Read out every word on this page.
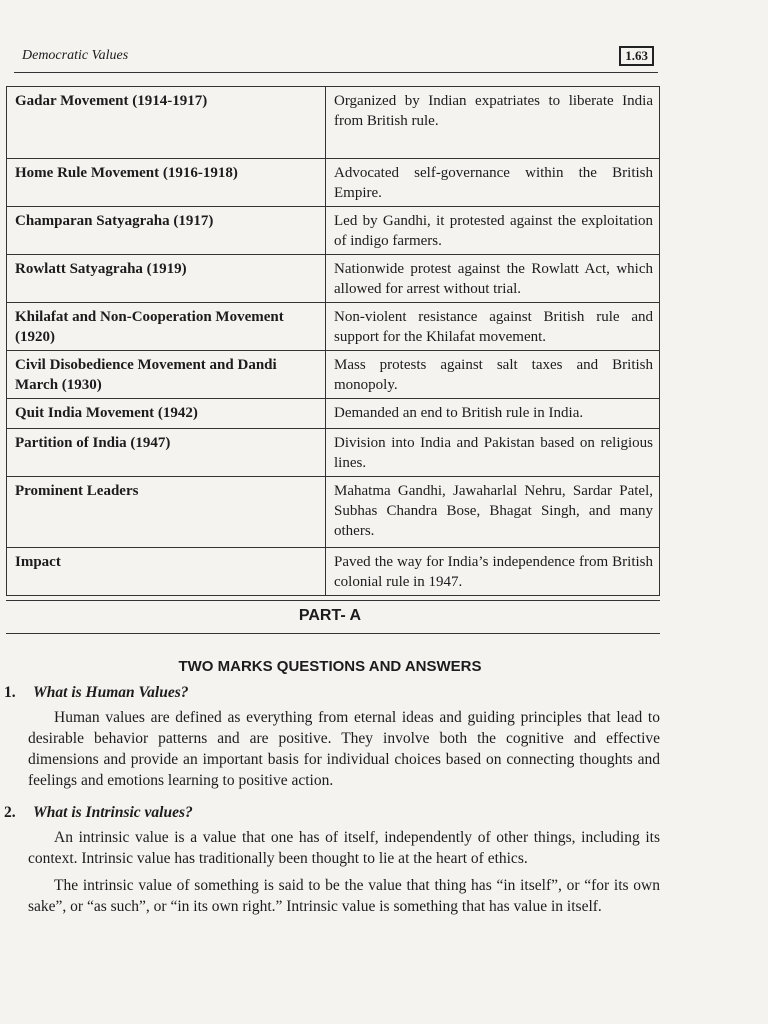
Democratic Values	1.63
Gadar Movement (1914-1917)	Organized by Indian expatriates to liberate India from British rule.
Home Rule Movement (1916-1918)	Advocated self-governance within the British Empire.
Champaran Satyagraha (1917)	Led by Gandhi, it protested against the exploitation of indigo farmers.
Rowlatt Satyagraha (1919)	Nationwide protest against the Rowlatt Act, which allowed for arrest without trial.
Khilafat and Non-Cooperation Movement (1920)	Non-violent resistance against British rule and support for the Khilafat movement.
Civil Disobedience Movement and Dandi March (1930)	Mass protests against salt taxes and British monopoly.
Quit India Movement (1942)	Demanded an end to British rule in India.
Partition of India (1947)	Division into India and Pakistan based on religious lines.
Prominent Leaders	Mahatma Gandhi, Jawaharlal Nehru, Sardar Patel, Subhas Chandra Bose, Bhagat Singh, and many others.
Impact	Paved the way for India’s independence from British colonial rule in 1947.
PART- A
TWO MARKS QUESTIONS AND ANSWERS
1. What is Human Values?

Human values are defined as everything from eternal ideas and guiding principles that lead to desirable behavior patterns and are positive. They involve both the cognitive and effective dimensions and provide an important basis for individual choices based on connecting thoughts and feelings and emotions learning to positive action.

2. What is Intrinsic values?

An intrinsic value is a value that one has of itself, independently of other things, including its context. Intrinsic value has traditionally been thought to lie at the heart of ethics.

The intrinsic value of something is said to be the value that thing has “in itself”, or “for its own sake”, or “as such”, or “in its own right.” Intrinsic value is something that has value in itself.
